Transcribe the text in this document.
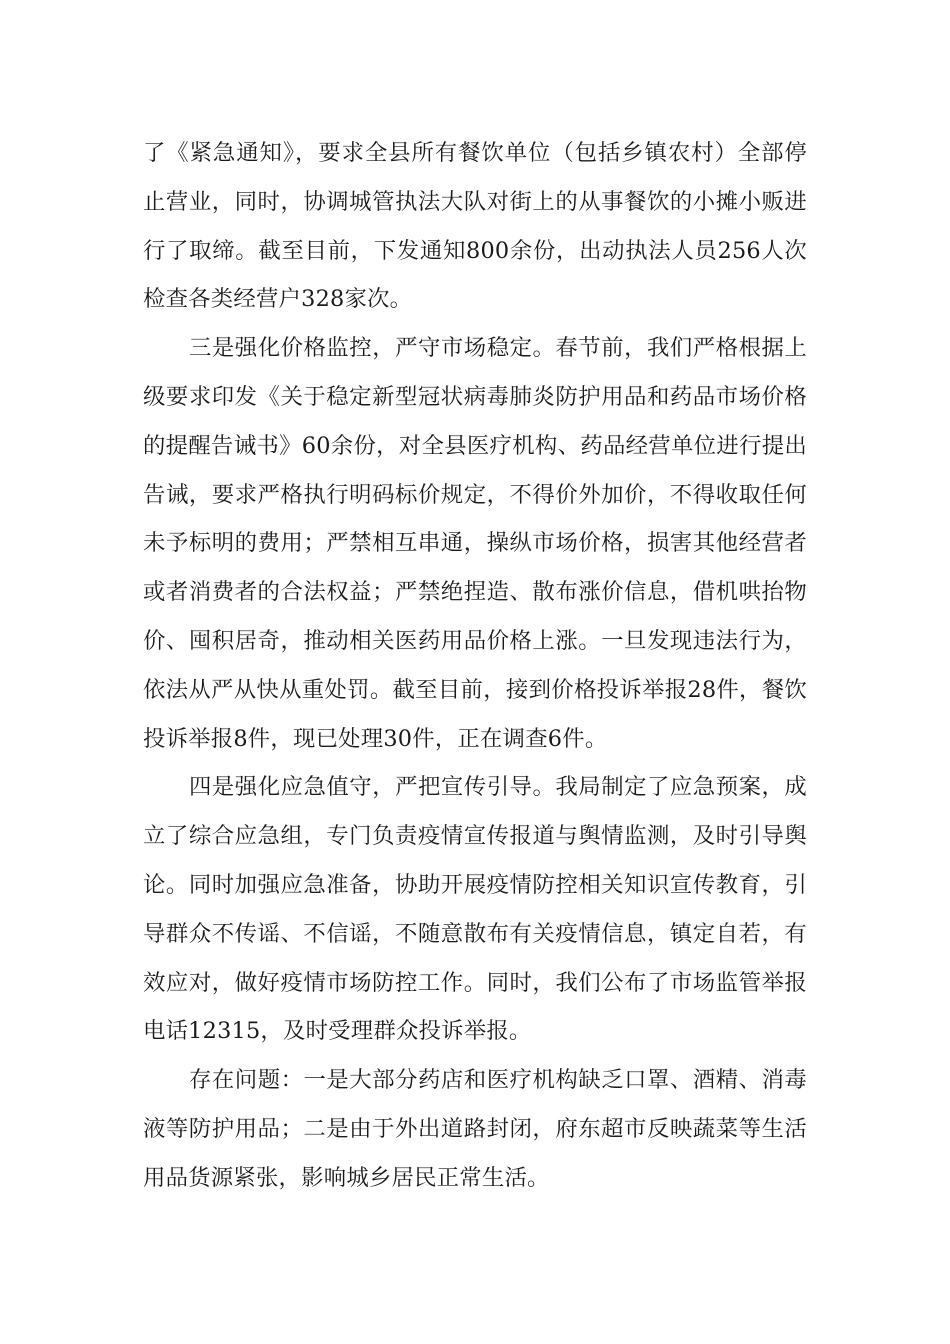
了《紧急通知》，要求全县所有餐饮单位（包括乡镇农村）全部停止营业，同时，协调城管执法大队对街上的从事餐饮的小摊小贩进行了取缔。截至目前，下发通知800余份，出动执法人员256人次检查各类经营户328家次。

三是强化价格监控，严守市场稳定。春节前，我们严格根据上级要求印发《关于稳定新型冠状病毒肺炎防护用品和药品市场价格的提醒告诫书》60余份，对全县医疗机构、药品经营单位进行提出告诫，要求严格执行明码标价规定，不得价外加价，不得收取任何未予标明的费用；严禁相互串通，操纵市场价格，损害其他经营者或者消费者的合法权益；严禁绝捏造、散布涨价信息，借机哄抬物价、囤积居奇，推动相关医药用品价格上涨。一旦发现违法行为，依法从严从快从重处罚。截至目前，接到价格投诉举报28件，餐饮投诉举报8件，现已处理30件，正在调查6件。

四是强化应急值守，严把宣传引导。我局制定了应急预案，成立了综合应急组，专门负责疫情宣传报道与舆情监测，及时引导舆论。同时加强应急准备，协助开展疫情防控相关知识宣传教育，引导群众不传谣、不信谣，不随意散布有关疫情信息，镇定自若，有效应对，做好疫情市场防控工作。同时，我们公布了市场监管举报电话12315，及时受理群众投诉举报。

存在问题：一是大部分药店和医疗机构缺乏口罩、酒精、消毒液等防护用品；二是由于外出道路封闭，府东超市反映蔬菜等生活用品货源紧张，影响城乡居民正常生活。
